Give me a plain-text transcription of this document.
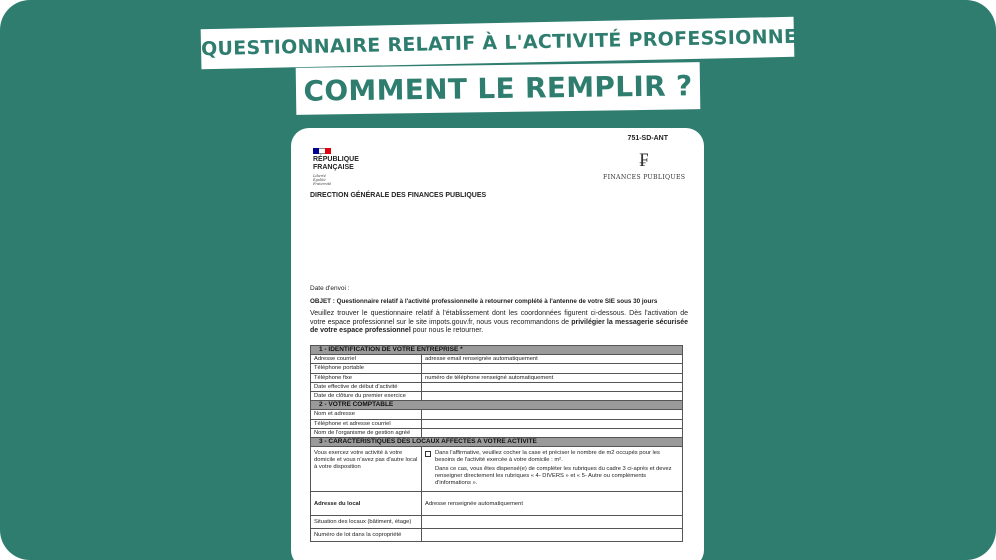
QUESTIONNAIRE RELATIF À L'ACTIVITÉ PROFESSIONNELLE
COMMENT LE REMPLIR ?
751-SD-ANT
RÉPUBLIQUE FRANÇAISE
Liberté Égalité Fraternité
₣
FINANCES PUBLIQUES
DIRECTION GÉNÉRALE DES FINANCES PUBLIQUES
Date d'envoi :
OBJET : Questionnaire relatif à l'activité professionnelle à retourner complété à l'antenne de votre SIE sous 30 jours
Veuillez trouver le questionnaire relatif à l'établissement dont les coordonnées figurent ci-dessous. Dès l'activation de votre espace professionnel sur le site impots.gouv.fr, nous vous recommandons de privilégier la messagerie sécurisée de votre espace professionnel pour nous le retourner.
1 - IDENTIFICATION DE VOTRE ENTREPRISE *	
Adresse courriel	adresse email renseignée automatiquement
Téléphone portable	
Téléphone fixe	numéro de téléphone renseigné automatiquement
Date effective de début d'activité	
Date de clôture du premier exercice	
2 - VOTRE COMPTABLE	
Nom et adresse	
Téléphone et adresse courriel	
Nom de l'organisme de gestion agréé	
3 - CARACTERISTIQUES DES LOCAUX AFFECTES A VOTRE ACTIVITE	
Vous exercez votre activité à votre domicile et vous n'avez pas d'autre local à votre disposition	Dans l'affirmative, veuillez cocher la case et préciser le nombre de m2 occupés pour les besoins de l'activité exercée à votre domicile : m².
Dans ce cas, vous êtes dispensé(e) de compléter les rubriques du cadre 3 ci-après et devez renseigner directement les rubriques « 4- DIVERS » et « 5- Autre ou compléments d'informations ».

Adresse du local	Adresse renseignée automatiquement
Situation des locaux (bâtiment, étage)	
Numéro de lot dans la copropriété	
